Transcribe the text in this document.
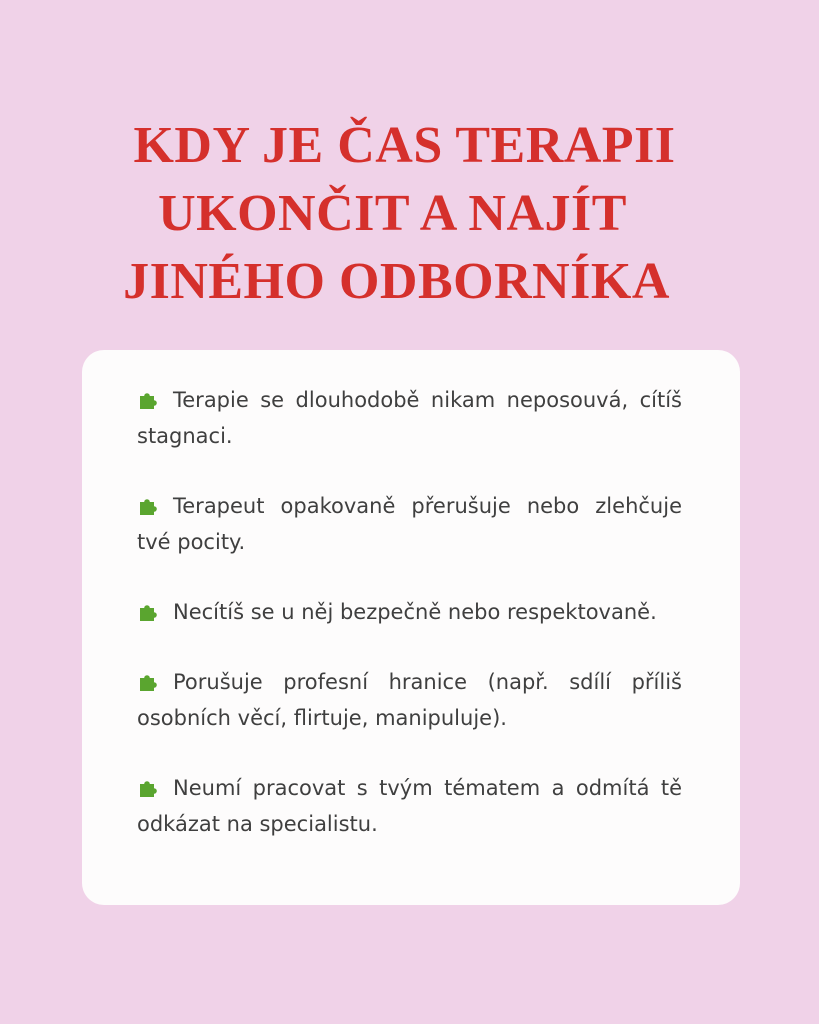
KDY JE ČAS TERAPII
UKONČIT A NAJÍT
JINÉHO ODBORNÍKA

Terapie se dlouhodobě nikam neposouvá, cítíš stagnaci.

Terapeut opakovaně přerušuje nebo zlehčuje tvé pocity.

Necítíš se u něj bezpečně nebo respektovaně.

Porušuje profesní hranice (např. sdílí příliš osobních věcí, flirtuje, manipuluje).

Neumí pracovat s tvým tématem a odmítá tě odkázat na specialistu.
